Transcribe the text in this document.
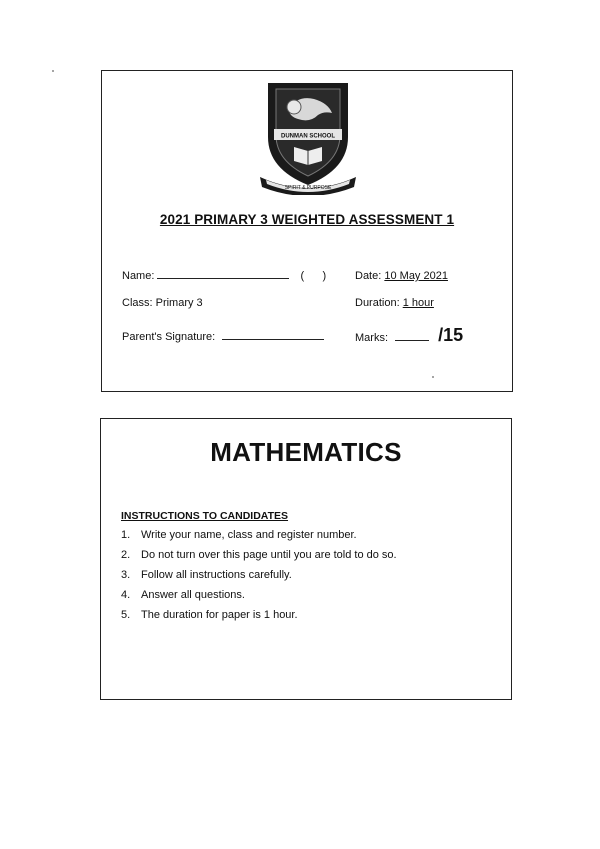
DUNMAN SCHOOL
SPIRIT & PURPOSE
2021 PRIMARY 3 WEIGHTED ASSESSMENT 1
Name:	(      )	Date: 10 May 2021
Class: Primary 3	Duration: 1 hour
Parent's Signature:	Marks:	/15
MATHEMATICS
INSTRUCTIONS TO CANDIDATES
1. Write your name, class and register number.
2. Do not turn over this page until you are told to do so.
3. Follow all instructions carefully.
4. Answer all questions.
5. The duration for paper is 1 hour.
